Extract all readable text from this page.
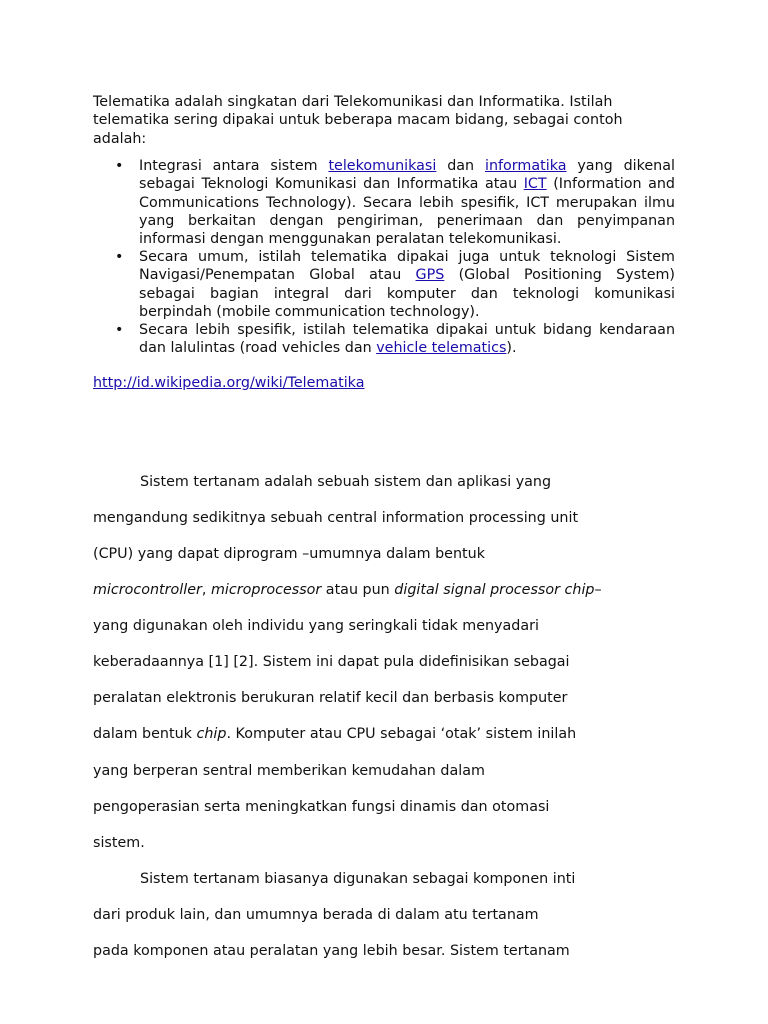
Telematika adalah singkatan dari Telekomunikasi dan Informatika. Istilah telematika sering dipakai untuk beberapa macam bidang, sebagai contoh adalah:

• Integrasi antara sistem telekomunikasi dan informatika yang dikenal sebagai Teknologi Komunikasi dan Informatika atau ICT (Information and Communications Technology). Secara lebih spesifik, ICT merupakan ilmu yang berkaitan dengan pengiriman, penerimaan dan penyimpanan informasi dengan menggunakan peralatan telekomunikasi.
• Secara umum, istilah telematika dipakai juga untuk teknologi Sistem Navigasi/Penempatan Global atau GPS (Global Positioning System) sebagai bagian integral dari komputer dan teknologi komunikasi berpindah (mobile communication technology).
• Secara lebih spesifik, istilah telematika dipakai untuk bidang kendaraan dan lalulintas (road vehicles dan vehicle telematics).
http://id.wikipedia.org/wiki/Telematika
Sistem tertanam adalah sebuah sistem dan aplikasi yang
mengandung sedikitnya sebuah central information processing unit
(CPU) yang dapat diprogram –umumnya dalam bentuk
microcontroller, microprocessor atau pun digital signal processor chip–
yang digunakan oleh individu yang seringkali tidak menyadari
keberadaannya [1] [2]. Sistem ini dapat pula didefinisikan sebagai
peralatan elektronis berukuran relatif kecil dan berbasis komputer
dalam bentuk chip. Komputer atau CPU sebagai ‘otak’ sistem inilah
yang berperan sentral memberikan kemudahan dalam
pengoperasian serta meningkatkan fungsi dinamis dan otomasi
sistem.
Sistem tertanam biasanya digunakan sebagai komponen inti
dari produk lain, dan umumnya berada di dalam atu tertanam
pada komponen atau peralatan yang lebih besar. Sistem tertanam
